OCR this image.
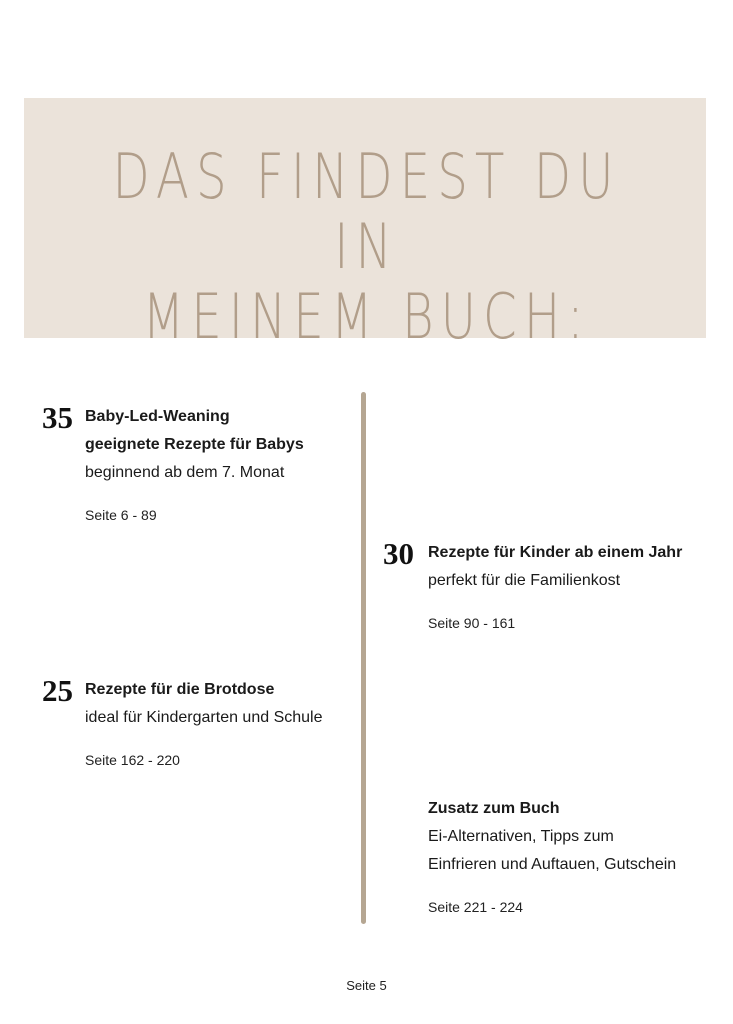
DAS FINDEST DU IN
MEINEM BUCH:
35 Baby-Led-Weaning
geeignete Rezepte für Babys
beginnend ab dem 7. Monat
Seite 6 - 89
30 Rezepte für Kinder ab einem Jahr
perfekt für die Familienkost
Seite 90 - 161
25 Rezepte für die Brotdose
ideal für Kindergarten und Schule
Seite 162 - 220
Zusatz zum Buch
Ei-Alternativen, Tipps zum
Einfrieren und Auftauen, Gutschein
Seite 221 - 224
Seite 5
